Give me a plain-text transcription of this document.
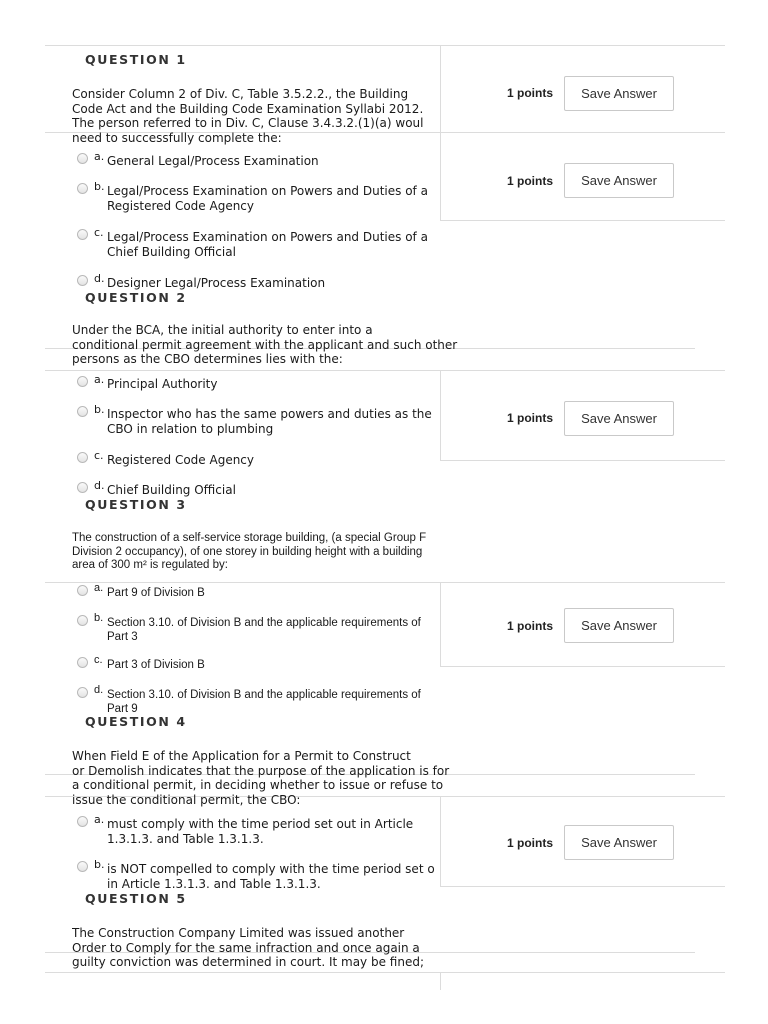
QUESTION 1
Consider Column 2 of Div. C, Table 3.5.2.2., the Building
Code Act and the Building Code Examination Syllabi 2012.
The person referred to in Div. C, Clause 3.4.3.2.(1)(a) woul
need to successfully complete the:
a. General Legal/Process Examination
b. Legal/Process Examination on Powers and Duties of a Registered Code Agency
c. Legal/Process Examination on Powers and Duties of a Chief Building Official
d. Designer Legal/Process Examination
1 points	Save Answer
1 points	Save Answer
QUESTION 2
Under the BCA, the initial authority to enter into a
conditional permit agreement with the applicant and such other
persons as the CBO determines lies with the:
a. Principal Authority
b. Inspector who has the same powers and duties as the CBO in relation to plumbing
c. Registered Code Agency
d. Chief Building Official
1 points	Save Answer
QUESTION 3
The construction of a self-service storage building, (a special Group F
Division 2 occupancy), of one storey in building height with a building
area of 300 m² is regulated by:
a. Part 9 of Division B
b. Section 3.10. of Division B and the applicable requirements of Part 3
c. Part 3 of Division B
d. Section 3.10. of Division B and the applicable requirements of Part 9
1 points	Save Answer
QUESTION 4
When Field E of the Application for a Permit to Construct
or Demolish indicates that the purpose of the application is for
a conditional permit, in deciding whether to issue or refuse to
issue the conditional permit, the CBO:
a. must comply with the time period set out in Article 1.3.1.3. and Table 1.3.1.3.
b. is NOT compelled to comply with the time period set o in Article 1.3.1.3. and Table 1.3.1.3.
1 points	Save Answer
QUESTION 5
The Construction Company Limited was issued another
Order to Comply for the same infraction and once again a
guilty conviction was determined in court. It may be fined;
